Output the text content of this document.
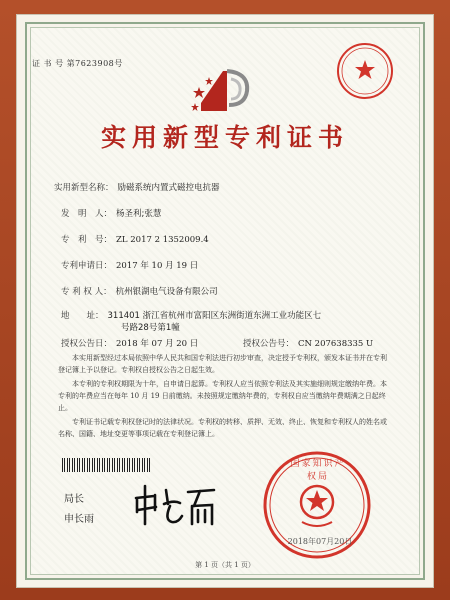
证 书 号 第7623908号
实用新型专利证书
实用新型名称： 励磁系统内置式磁控电抗器
发　明　人： 杨圣利;张慧
专　利　号： ZL 2017 2 1352009.4
专利申请日： 2017 年 10 月 19 日
专 利 权 人： 杭州银湖电气设备有限公司
地　　址： 311401 浙江省杭州市富阳区东洲街道东洲工业功能区七
号路28号第1幢
授权公告日： 2018 年 07 月 20 日	授权公告号： CN 207638335 U
本实用新型经过本局依照中华人民共和国专利法进行初步审查，决定授予专利权，颁发本证书并在专利登记簿上予以登记。专利权自授权公告之日起生效。
本专利的专利权期限为十年，自申请日起算。专利权人应当依照专利法及其实施细则规定缴纳年费。本专利的年费应当在每年 10 月 19 日前缴纳。未按照规定缴纳年费的，专利权自应当缴纳年费期满之日起终止。
专利证书记载专利权登记时的法律状况。专利权的转移、质押、无效、终止、恢复和专利权人的姓名或名称、国籍、地址变更等事项记载在专利登记簿上。
局长
申长雨
国家知识产权局
2018年07月20日
第 1 页（共 1 页）
